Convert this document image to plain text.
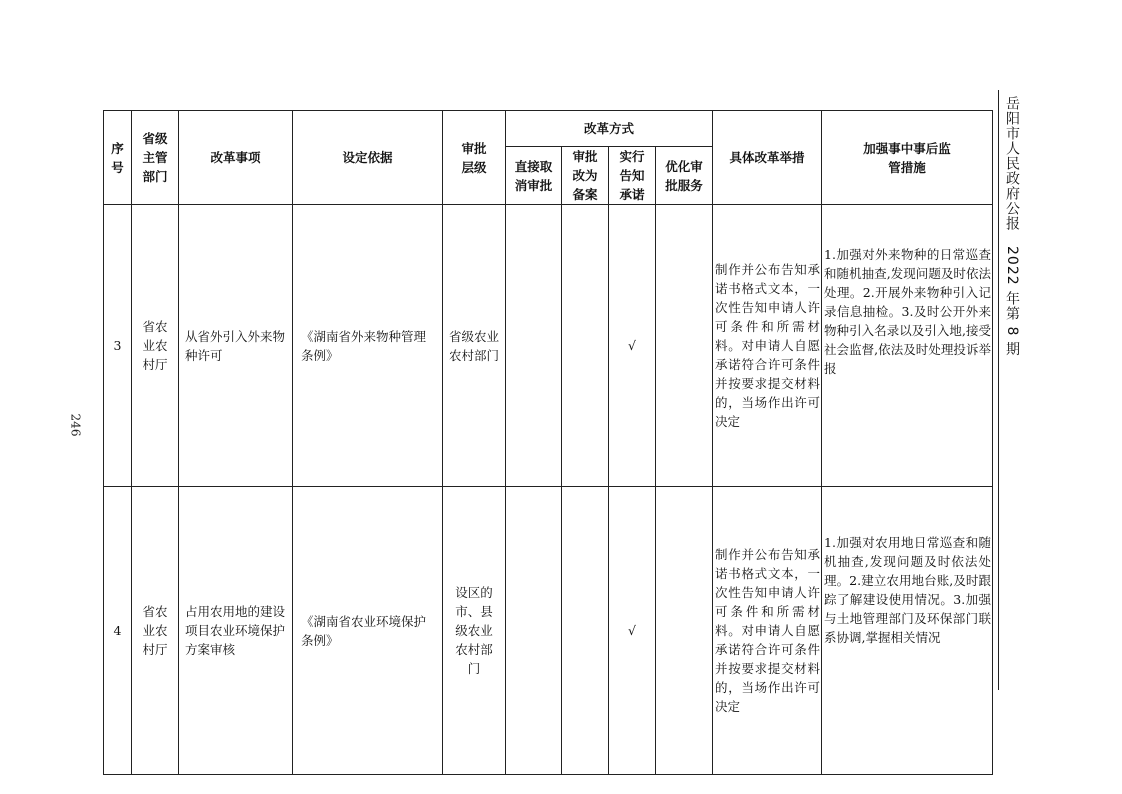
246
岳阳市人民政府公报　2022 年第 8 期
序号	省级主管部门	改革事项	设定依据	审批层级	改革方式				具体改革举措	加强事中事后监管措施
					直接取消审批	审批改为备案	实行告知承诺	优化审批服务		
3	省农业农村厅	从省外引入外来物种许可	《湖南省外来物种管理条例》	省级农业农村部门			√		制作并公布告知承诺书格式文本，一次性告知申请人许可条件和所需材料。对申请人自愿承诺符合许可条件并按要求提交材料的，当场作出许可决定	1.加强对外来物种的日常巡查和随机抽查,发现问题及时依法处理。2.开展外来物种引入记录信息抽检。3.及时公开外来物种引入名录以及引入地,接受社会监督,依法及时处理投诉举报
4	省农业农村厅	占用农用地的建设项目农业环境保护方案审核	《湖南省农业环境保护条例》	设区的市、县级农业农村部门			√		制作并公布告知承诺书格式文本，一次性告知申请人许可条件和所需材料。对申请人自愿承诺符合许可条件并按要求提交材料的，当场作出许可决定	1.加强对农用地日常巡查和随机抽查,发现问题及时依法处理。2.建立农用地台账,及时跟踪了解建设使用情况。3.加强与土地管理部门及环保部门联系协调,掌握相关情况
